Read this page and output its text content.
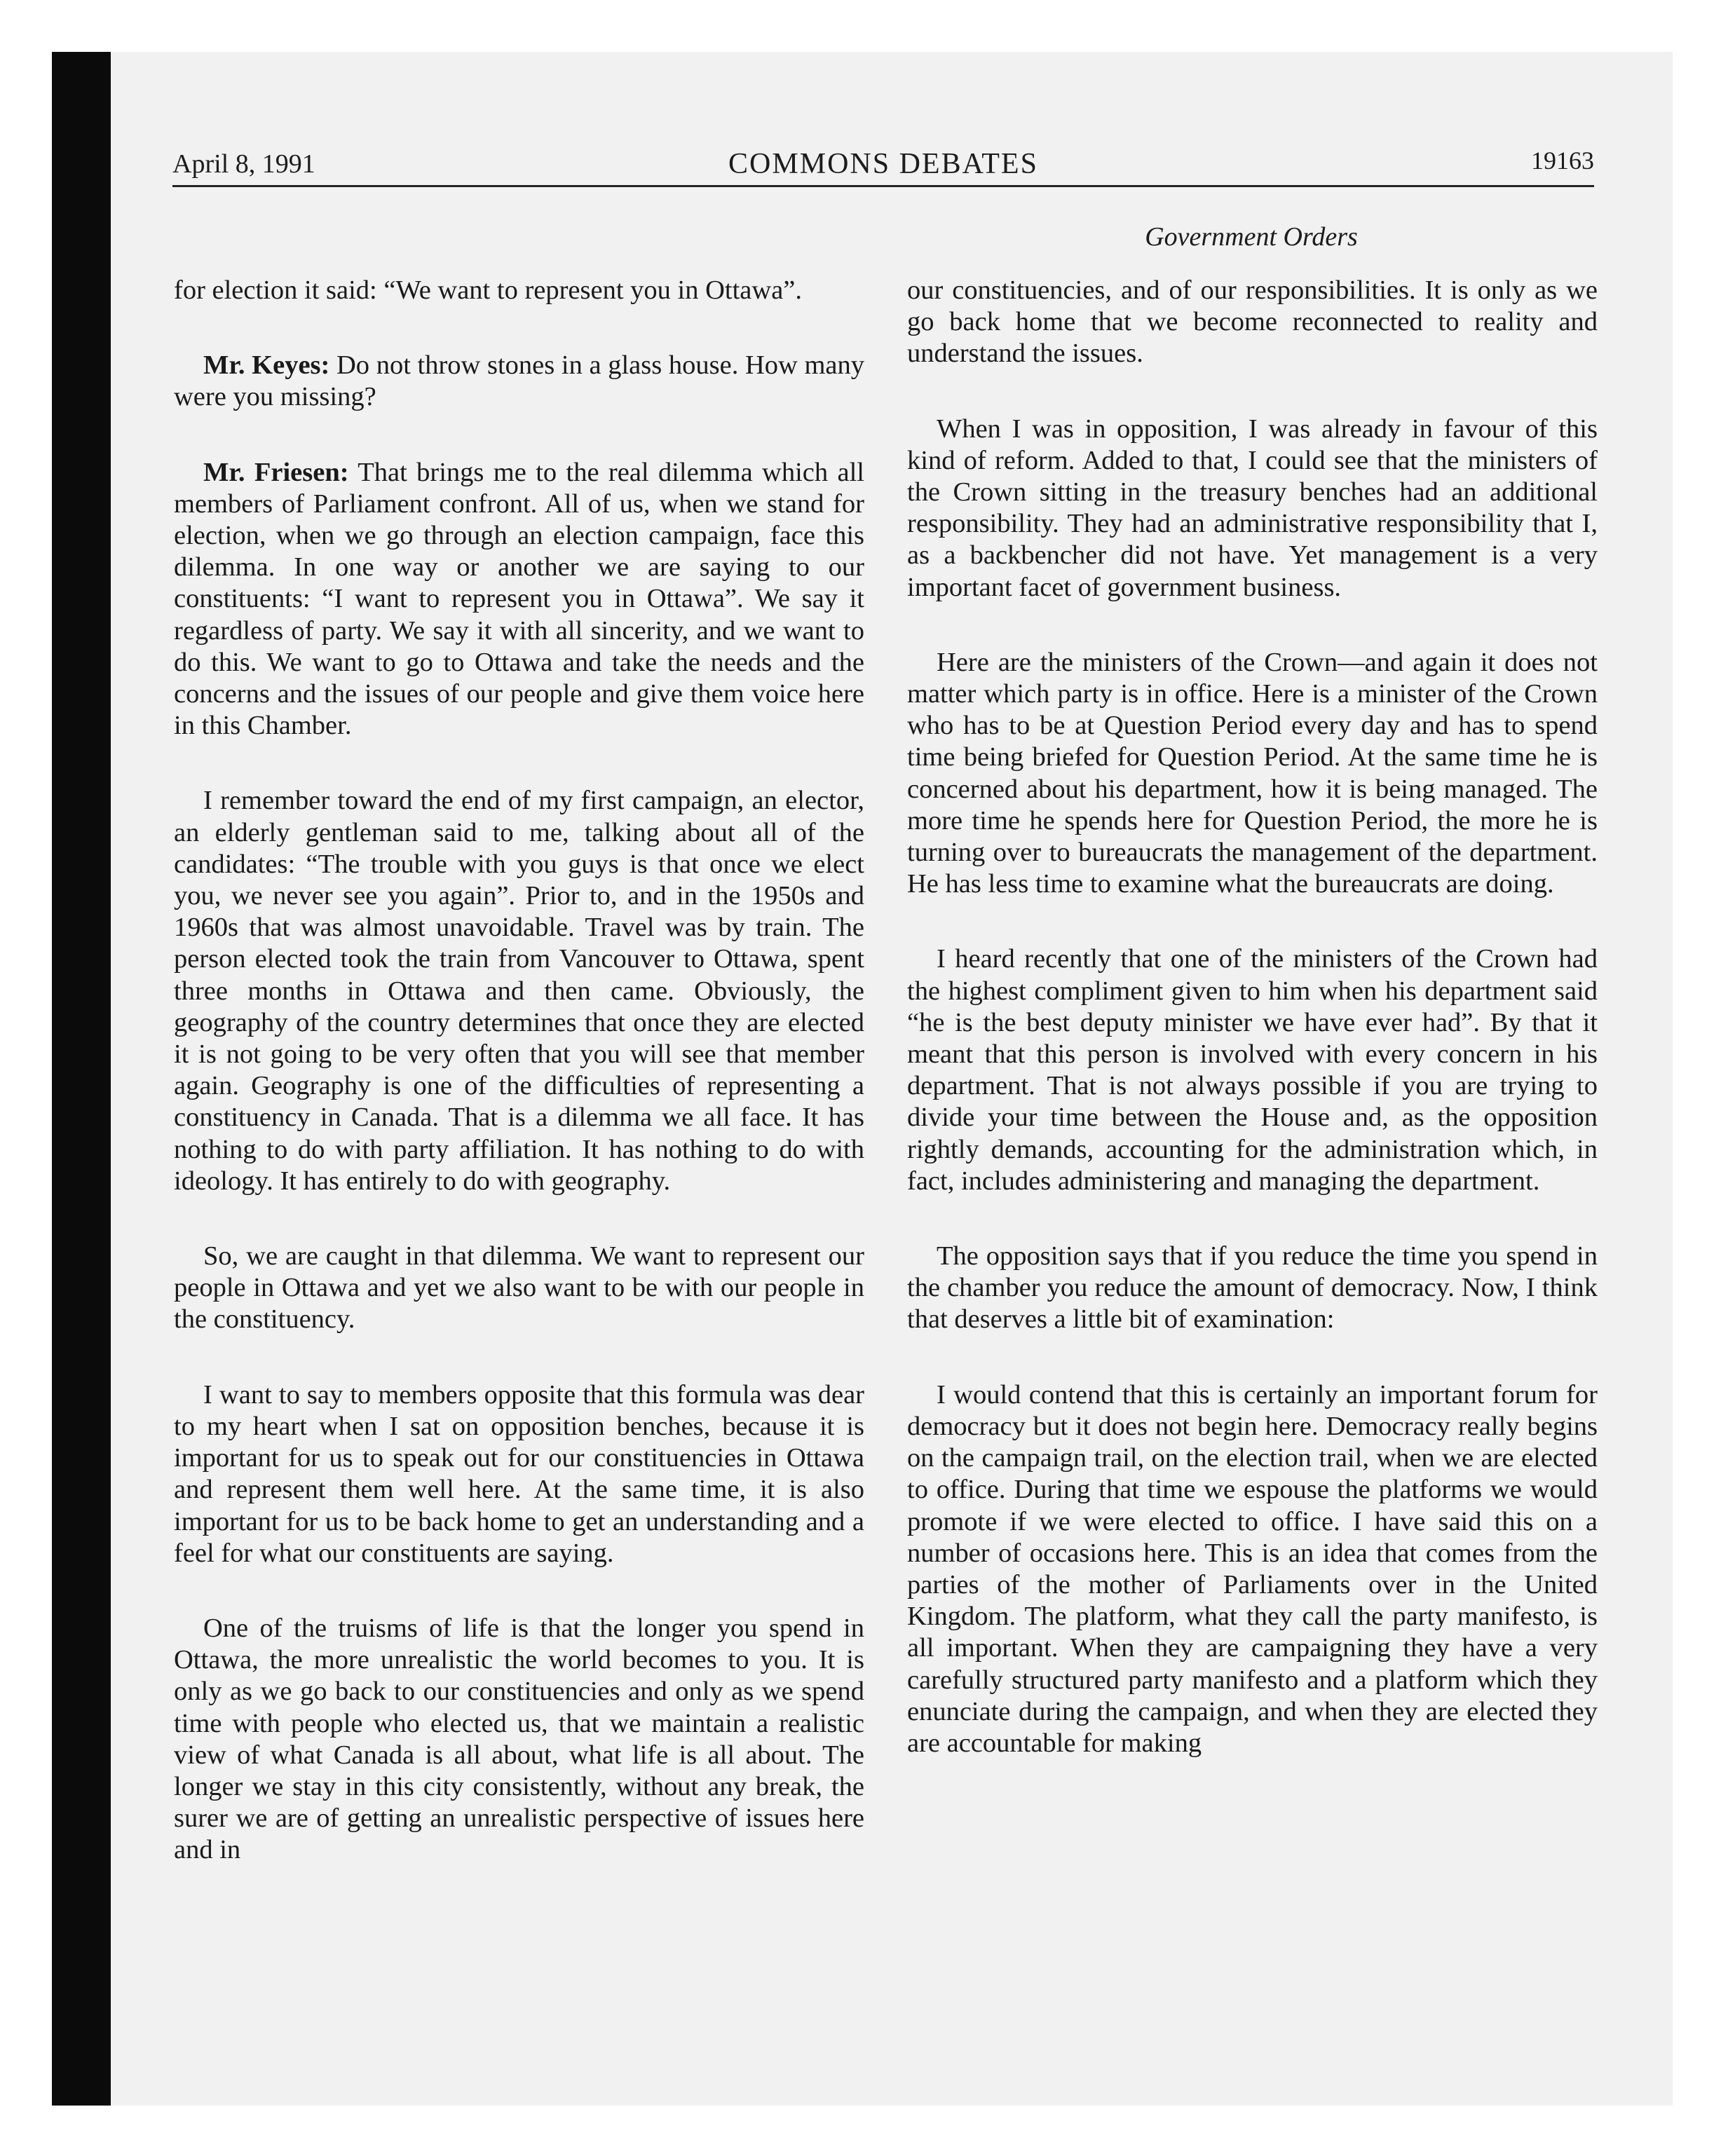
April 8, 1991	COMMONS DEBATES	19163
Government Orders

for election it said: “We want to represent you in Ottawa”.

Mr. Keyes: Do not throw stones in a glass house. How many were you missing?

Mr. Friesen: That brings me to the real dilemma which all members of Parliament confront. All of us, when we stand for election, when we go through an election campaign, face this dilemma. In one way or another we are saying to our constituents: “I want to represent you in Ottawa”. We say it regardless of party. We say it with all sincerity, and we want to do this. We want to go to Ottawa and take the needs and the concerns and the issues of our people and give them voice here in this Chamber.

I remember toward the end of my first campaign, an elector, an elderly gentleman said to me, talking about all of the candidates: “The trouble with you guys is that once we elect you, we never see you again”. Prior to, and in the 1950s and 1960s that was almost unavoidable. Travel was by train. The person elected took the train from Vancouver to Ottawa, spent three months in Ottawa and then came. Obviously, the geography of the country determines that once they are elected it is not going to be very often that you will see that member again. Geography is one of the difficulties of representing a constituency in Canada. That is a dilemma we all face. It has nothing to do with party affiliation. It has nothing to do with ideology. It has entirely to do with geography.

So, we are caught in that dilemma. We want to represent our people in Ottawa and yet we also want to be with our people in the constituency.

I want to say to members opposite that this formula was dear to my heart when I sat on opposition benches, because it is important for us to speak out for our constituencies in Ottawa and represent them well here. At the same time, it is also important for us to be back home to get an understanding and a feel for what our constituents are saying.

One of the truisms of life is that the longer you spend in Ottawa, the more unrealistic the world becomes to you. It is only as we go back to our constituencies and only as we spend time with people who elected us, that we maintain a realistic view of what Canada is all about, what life is all about. The longer we stay in this city consistently, without any break, the surer we are of getting an unrealistic perspective of issues here and in

our constituencies, and of our responsibilities. It is only as we go back home that we become reconnected to reality and understand the issues.

When I was in opposition, I was already in favour of this kind of reform. Added to that, I could see that the ministers of the Crown sitting in the treasury benches had an additional responsibility. They had an administrative responsibility that I, as a backbencher did not have. Yet management is a very important facet of government business.

Here are the ministers of the Crown—and again it does not matter which party is in office. Here is a minister of the Crown who has to be at Question Period every day and has to spend time being briefed for Question Period. At the same time he is concerned about his department, how it is being managed. The more time he spends here for Question Period, the more he is turning over to bureaucrats the management of the department. He has less time to examine what the bureaucrats are doing.

I heard recently that one of the ministers of the Crown had the highest compliment given to him when his department said “he is the best deputy minister we have ever had”. By that it meant that this person is involved with every concern in his department. That is not always possible if you are trying to divide your time between the House and, as the opposition rightly demands, accounting for the administration which, in fact, includes administering and managing the department.

The opposition says that if you reduce the time you spend in the chamber you reduce the amount of democracy. Now, I think that deserves a little bit of examination:

I would contend that this is certainly an important forum for democracy but it does not begin here. Democracy really begins on the campaign trail, on the election trail, when we are elected to office. During that time we espouse the platforms we would promote if we were elected to office. I have said this on a number of occasions here. This is an idea that comes from the parties of the mother of Parliaments over in the United Kingdom. The platform, what they call the party manifesto, is all important. When they are campaigning they have a very carefully structured party manifesto and a platform which they enunciate during the campaign, and when they are elected they are accountable for making
